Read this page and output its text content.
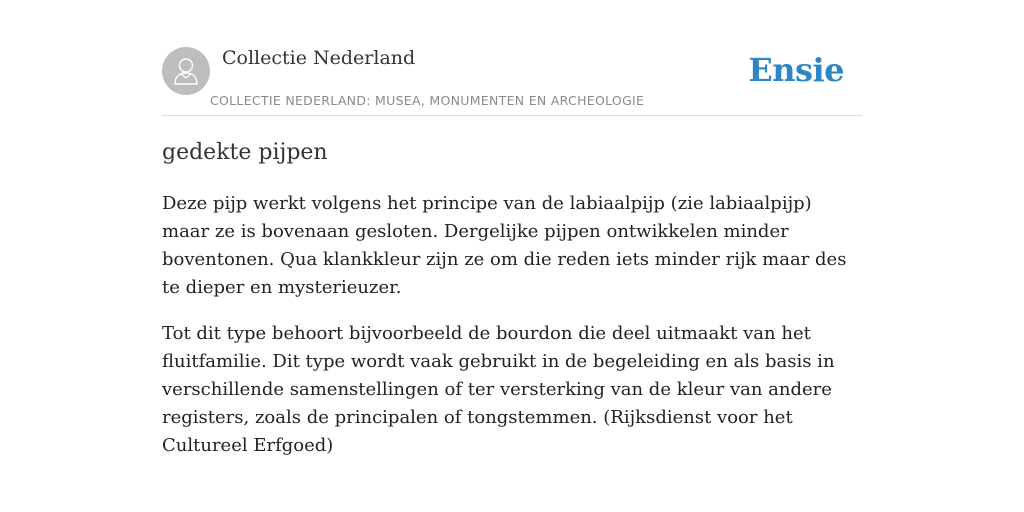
Collectie Nederland
COLLECTIE NEDERLAND: MUSEA, MONUMENTEN EN ARCHEOLOGIE
Ensie
gedekte pijpen

Deze pijp werkt volgens het principe van de labiaalpijp (zie labiaalpijp) maar ze is bovenaan gesloten. Dergelijke pijpen ontwikkelen minder boventonen. Qua klankkleur zijn ze om die reden iets minder rijk maar des te dieper en mysterieuzer.

Tot dit type behoort bijvoorbeeld de bourdon die deel uitmaakt van het fluitfamilie. Dit type wordt vaak gebruikt in de begeleiding en als basis in verschillende samenstellingen of ter versterking van de kleur van andere registers, zoals de principalen of tongstemmen. (Rijksdienst voor het Cultureel Erfgoed)
